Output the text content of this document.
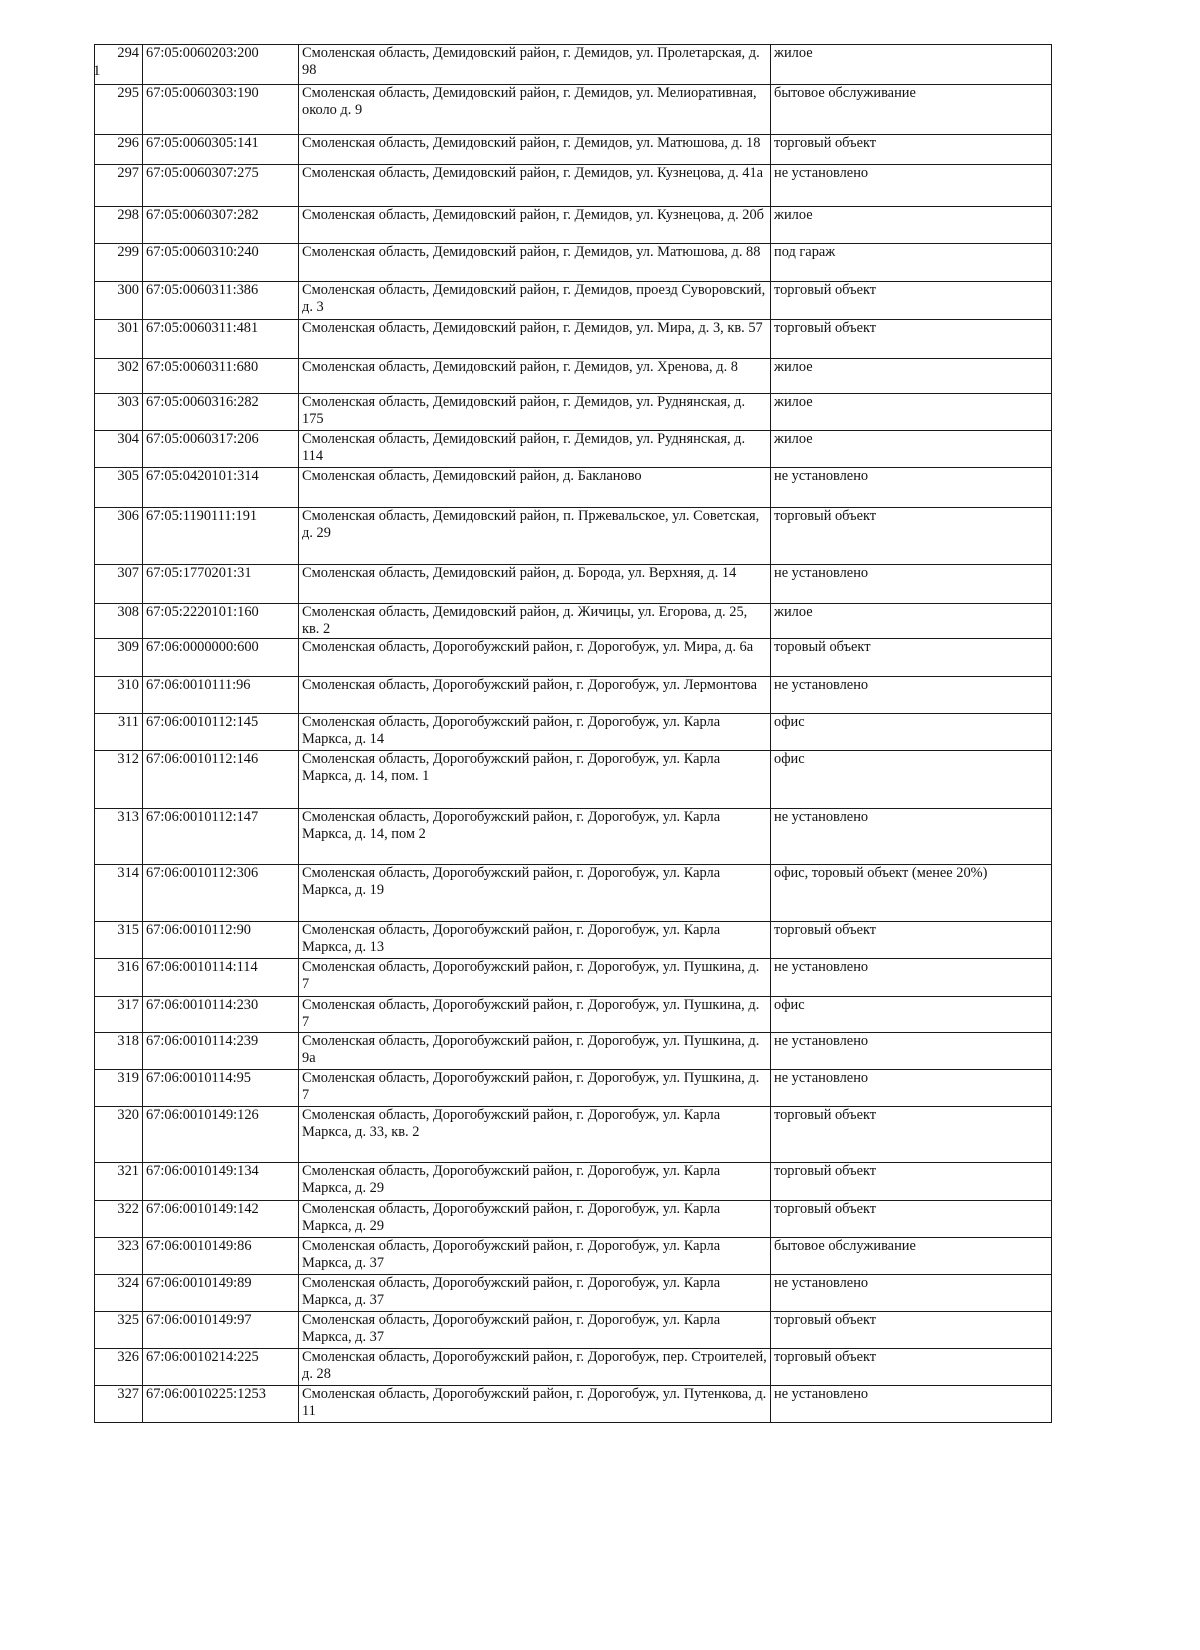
1
294	67:05:0060203:200	Смоленская область, Демидовский район, г. Демидов, ул. Пролетарская, д. 98	жилое
295	67:05:0060303:190	Смоленская область, Демидовский район, г. Демидов, ул. Мелиоративная, около д. 9	бытовое обслуживание
296	67:05:0060305:141	Смоленская область, Демидовский район, г. Демидов, ул. Матюшова, д. 18	торговый объект
297	67:05:0060307:275	Смоленская область, Демидовский район, г. Демидов, ул. Кузнецова, д. 41а	не установлено
298	67:05:0060307:282	Смоленская область, Демидовский район, г. Демидов, ул. Кузнецова, д. 20б	жилое
299	67:05:0060310:240	Смоленская область, Демидовский район, г. Демидов, ул. Матюшова, д. 88	под гараж
300	67:05:0060311:386	Смоленская область, Демидовский район, г. Демидов, проезд Суворовский, д. 3	торговый объект
301	67:05:0060311:481	Смоленская область, Демидовский район, г. Демидов, ул. Мира, д. 3, кв. 57	торговый объект
302	67:05:0060311:680	Смоленская область, Демидовский район, г. Демидов, ул. Хренова, д. 8	жилое
303	67:05:0060316:282	Смоленская область, Демидовский район, г. Демидов, ул. Руднянская, д. 175	жилое
304	67:05:0060317:206	Смоленская область, Демидовский район, г. Демидов, ул. Руднянская, д. 114	жилое
305	67:05:0420101:314	Смоленская область, Демидовский район, д. Бакланово	не установлено
306	67:05:1190111:191	Смоленская область, Демидовский район, п. Пржевальское, ул. Советская, д. 29	торговый объект
307	67:05:1770201:31	Смоленская область, Демидовский район, д. Борода, ул. Верхняя, д. 14	не установлено
308	67:05:2220101:160	Смоленская область, Демидовский район, д. Жичицы, ул. Егорова, д. 25, кв. 2	жилое
309	67:06:0000000:600	Смоленская область, Дорогобужский район, г. Дорогобуж, ул. Мира, д. 6а	торовый объект
310	67:06:0010111:96	Смоленская область, Дорогобужский район, г. Дорогобуж, ул. Лермонтова	не установлено
311	67:06:0010112:145	Смоленская область, Дорогобужский район, г. Дорогобуж, ул. Карла Маркса, д. 14	офис
312	67:06:0010112:146	Смоленская область, Дорогобужский район, г. Дорогобуж, ул. Карла Маркса, д. 14, пом. 1	офис
313	67:06:0010112:147	Смоленская область, Дорогобужский район, г. Дорогобуж, ул. Карла Маркса, д. 14, пом 2	не установлено
314	67:06:0010112:306	Смоленская область, Дорогобужский район, г. Дорогобуж, ул. Карла Маркса, д. 19	офис, торовый объект (менее 20%)
315	67:06:0010112:90	Смоленская область, Дорогобужский район, г. Дорогобуж, ул. Карла Маркса, д. 13	торговый объект
316	67:06:0010114:114	Смоленская область, Дорогобужский район, г. Дорогобуж, ул. Пушкина, д. 7	не установлено
317	67:06:0010114:230	Смоленская область, Дорогобужский район, г. Дорогобуж, ул. Пушкина, д. 7	офис
318	67:06:0010114:239	Смоленская область, Дорогобужский район, г. Дорогобуж, ул. Пушкина, д. 9а	не установлено
319	67:06:0010114:95	Смоленская область, Дорогобужский район, г. Дорогобуж, ул. Пушкина, д. 7	не установлено
320	67:06:0010149:126	Смоленская область, Дорогобужский район, г. Дорогобуж, ул. Карла Маркса, д. 33, кв. 2	торговый объект
321	67:06:0010149:134	Смоленская область, Дорогобужский район, г. Дорогобуж, ул. Карла Маркса, д. 29	торговый объект
322	67:06:0010149:142	Смоленская область, Дорогобужский район, г. Дорогобуж, ул. Карла Маркса, д. 29	торговый объект
323	67:06:0010149:86	Смоленская область, Дорогобужский район, г. Дорогобуж, ул. Карла Маркса, д. 37	бытовое обслуживание
324	67:06:0010149:89	Смоленская область, Дорогобужский район, г. Дорогобуж, ул. Карла Маркса, д. 37	не установлено
325	67:06:0010149:97	Смоленская область, Дорогобужский район, г. Дорогобуж, ул. Карла Маркса, д. 37	торговый объект
326	67:06:0010214:225	Смоленская область, Дорогобужский район, г. Дорогобуж, пер. Строителей, д. 28	торговый объект
327	67:06:0010225:1253	Смоленская область, Дорогобужский район, г. Дорогобуж, ул. Путенкова, д. 11	не установлено
